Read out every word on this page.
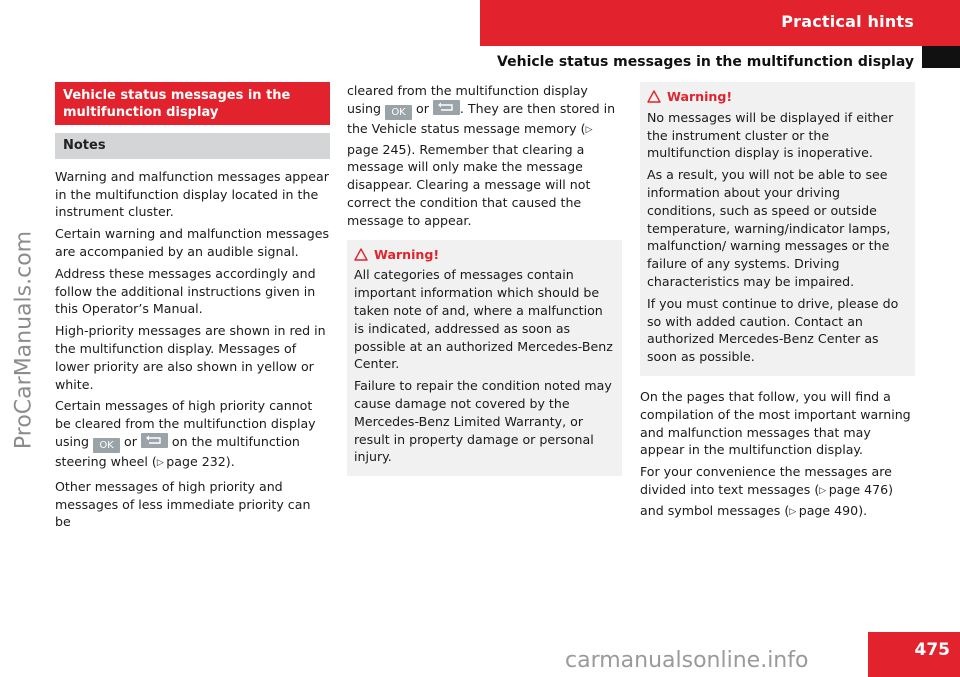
Practical hints
Vehicle status messages in the multifunction display
ProCarManuals.com
Vehicle status messages in the multifunction display
Notes

Warning and malfunction messages appear in the multifunction display located in the instrument cluster.

Certain warning and malfunction messages are accompanied by an audible signal.

Address these messages accordingly and follow the additional instructions given in this Operator’s Manual.

High-priority messages are shown in red in the multifunction display. Messages of lower priority are also shown in yellow or white.

Certain messages of high priority cannot be cleared from the multifunction display using OK or  on the multifunction steering wheel (▷  page 232).

Other messages of high priority and messages of less immediate priority can be

cleared from the multifunction display using OK or . They are then stored in the Vehicle status message memory (▷ page 245). Remember that clearing a message will only make the message disappear. Clearing a message will not correct the condition that caused the message to appear.

Warning!

All categories of messages contain important information which should be taken note of and, where a malfunction is indicated, addressed as soon as possible at an authorized Mercedes-Benz Center.

Failure to repair the condition noted may cause damage not covered by the Mercedes-Benz Limited Warranty, or result in property damage or personal injury.

Warning!

No messages will be displayed if either the instrument cluster or the multifunction display is inoperative.

As a result, you will not be able to see information about your driving conditions, such as speed or outside temperature, warning/indicator lamps, malfunction/ warning messages or the failure of any systems. Driving characteristics may be impaired.

If you must continue to drive, please do so with added caution. Contact an authorized Mercedes-Benz Center as soon as possible.

On the pages that follow, you will find a compilation of the most important warning and malfunction messages that may appear in the multifunction display.

For your convenience the messages are divided into text messages (▷  page 476) and symbol messages (▷  page 490).

475
carmanualsonline.info
